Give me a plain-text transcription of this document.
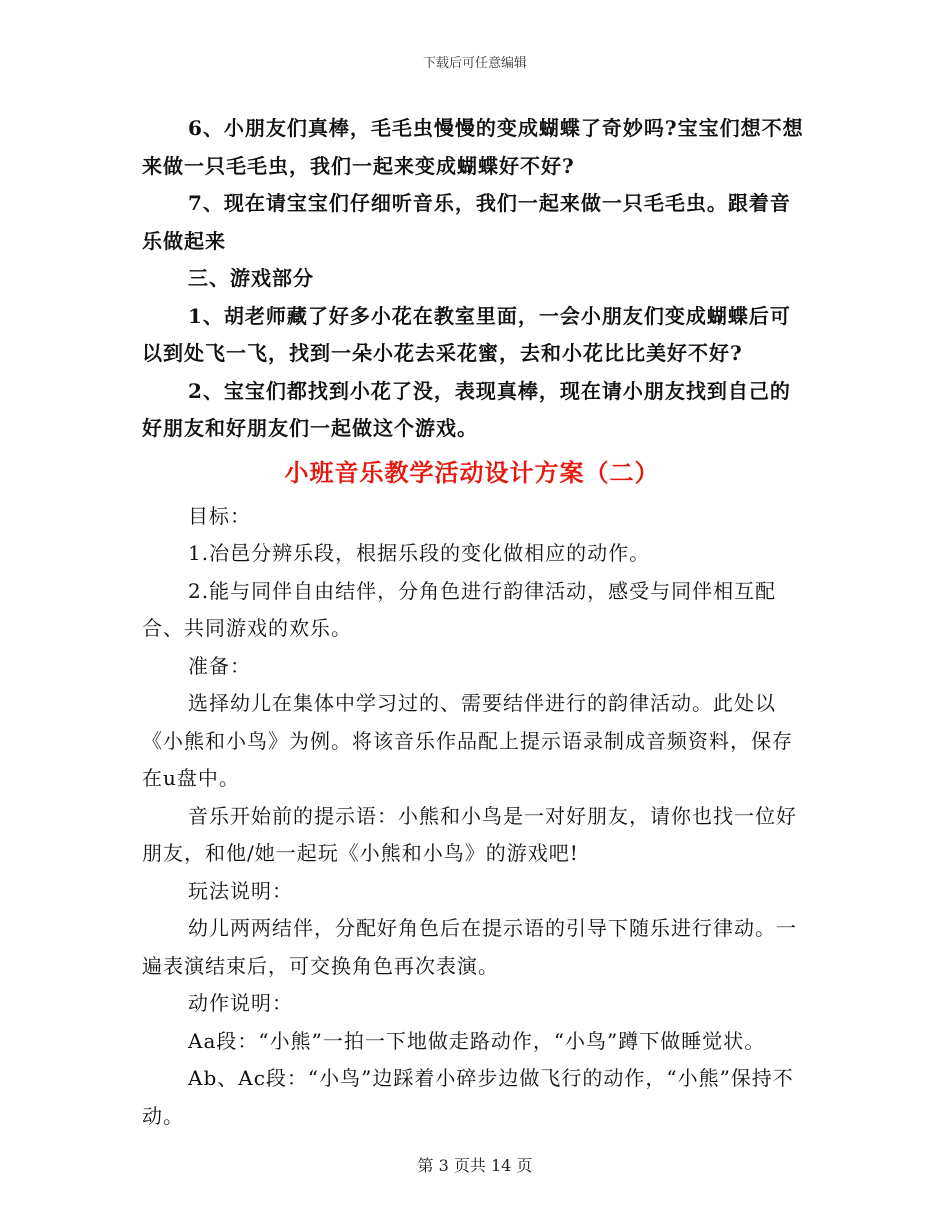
下载后可任意编辑

6、小朋友们真棒，毛毛虫慢慢的变成蝴蝶了奇妙吗?宝宝们想不想来做一只毛毛虫，我们一起来变成蝴蝶好不好?

7、现在请宝宝们仔细听音乐，我们一起来做一只毛毛虫。跟着音乐做起来

三、游戏部分

1、胡老师藏了好多小花在教室里面，一会小朋友们变成蝴蝶后可以到处飞一飞，找到一朵小花去采花蜜，去和小花比比美好不好?

2、宝宝们都找到小花了没，表现真棒，现在请小朋友找到自己的好朋友和好朋友们一起做这个游戏。

小班音乐教学活动设计方案（二）

目标：

1.冶邑分辨乐段，根据乐段的变化做相应的动作。

2.能与同伴自由结伴，分角色进行韵律活动，感受与同伴相互配合、共同游戏的欢乐。

准备：

选择幼儿在集体中学习过的、需要结伴进行的韵律活动。此处以《小熊和小鸟》为例。将该音乐作品配上提示语录制成音频资料，保存在u盘中。

音乐开始前的提示语：小熊和小鸟是一对好朋友，请你也找一位好朋友，和他/她一起玩《小熊和小鸟》的游戏吧!

玩法说明：

幼儿两两结伴，分配好角色后在提示语的引导下随乐进行律动。一遍表演结束后，可交换角色再次表演。

动作说明：

Aa段：“小熊”一拍一下地做走路动作，“小鸟”蹲下做睡觉状。

Ab、Ac段：“小鸟”边踩着小碎步边做飞行的动作，“小熊”保持不动。

第 3 页共 14 页
